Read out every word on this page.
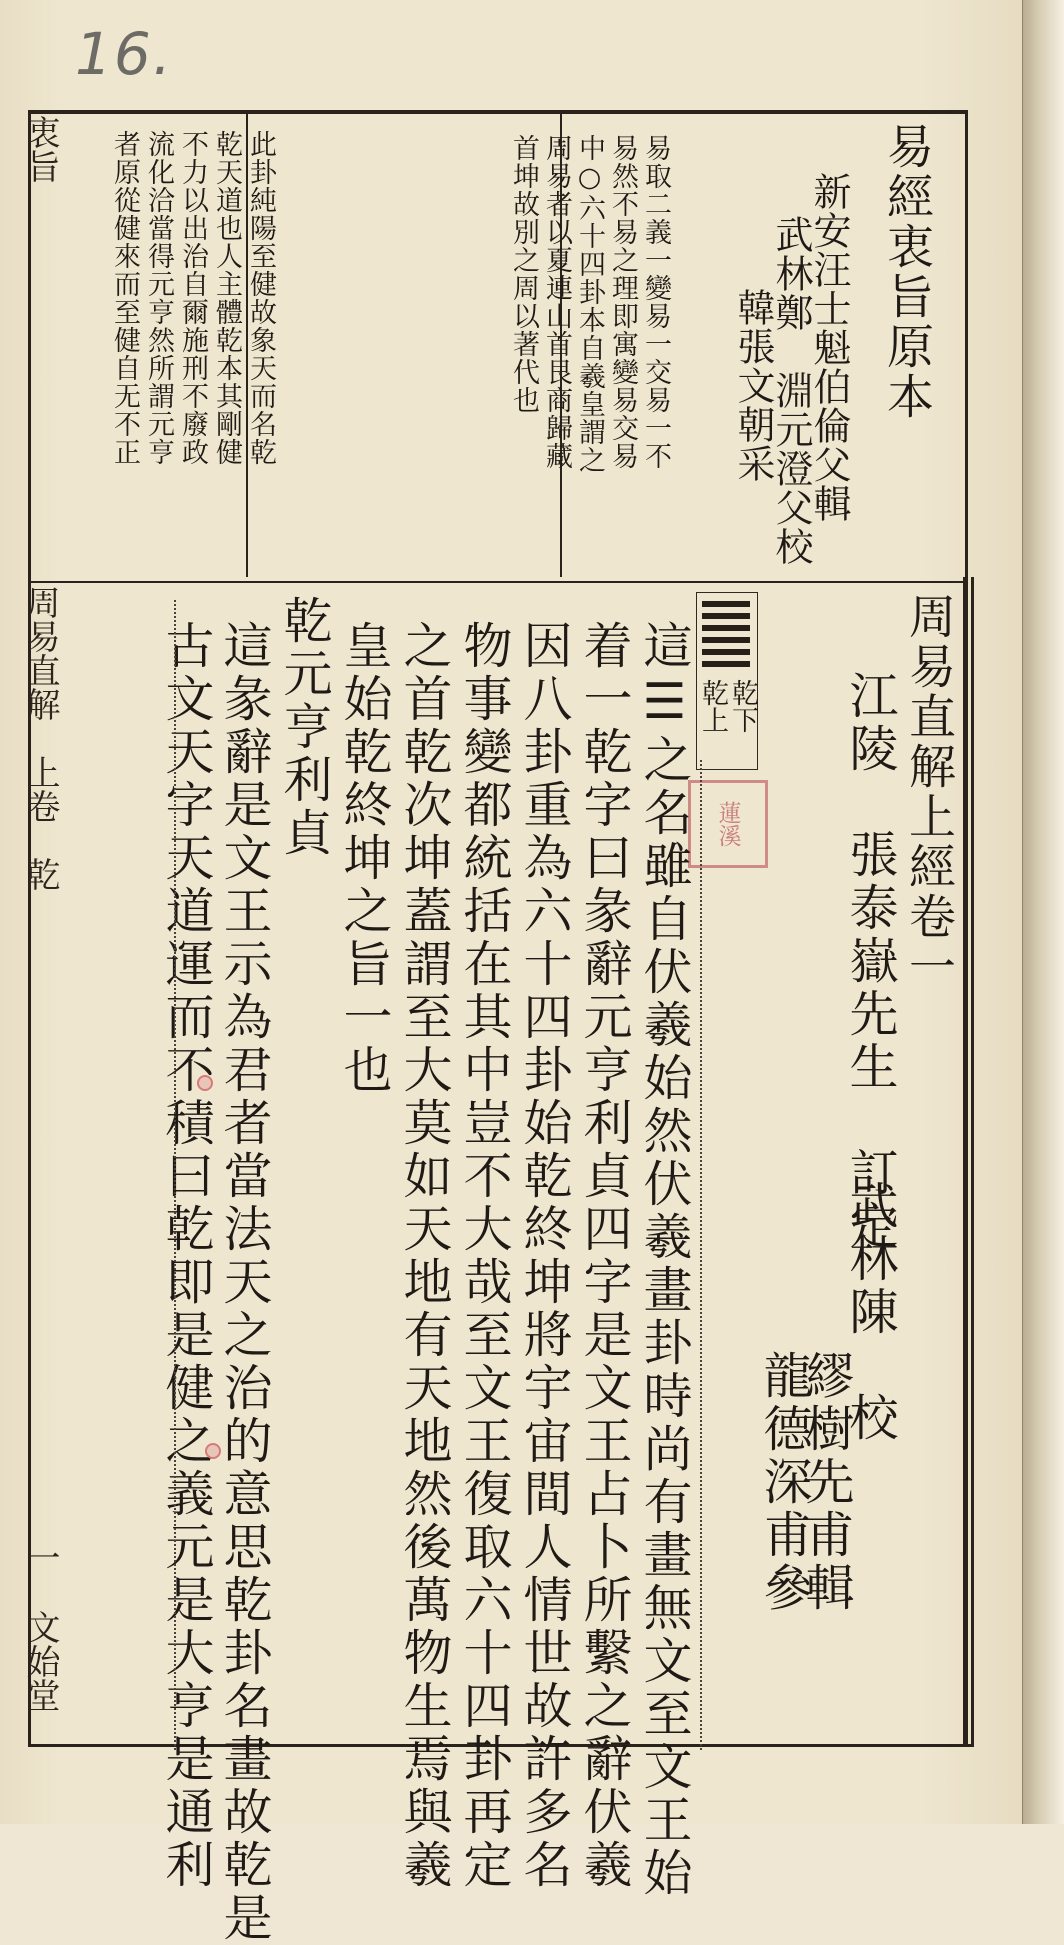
16.
易經衷旨原本
新安汪士魁伯倫父輯
武林鄭　淵元澄父校
韓張文朝采
易取二義一變易一交易一不
易然不易之理即寓變易交易
中○六十四卦本自羲皇謂之
周易者以夏連山首艮商歸藏
首坤故別之周以著代也
此卦純陽至健故象天而名乾
乾天道也人主體乾本其剛健
不力以出治自爾施刑不廢政
流化洽當得元亨然所謂元亨
者原從健來而至健自无不正
周易直解上經卷一
江陵　張泰嶽先生　訂定
武林陳　校
繆樹先甫輯
龍德深甫參
乾下
乾上
蓮溪
這☰之名雖自伏羲始然伏羲畫卦時尚有畫無文至文王始
着一乾字曰彖辭元亨利貞四字是文王占卜所繫之辭伏羲
因八卦重為六十四卦始乾終坤將宇宙間人情世故許多名
物事變都統括在其中豈不大哉至文王復取六十四卦再定
之首乾次坤蓋謂至大莫如天地有天地然後萬物生焉與羲
皇始乾終坤之旨一也
乾元亨利貞
這彖辭是文王示為君者當法天之治的意思乾卦名畫故乾是
古文天字天道運而不積曰乾即是健之義元是大亨是通利
衷旨
周易直解　上卷　乾
一
文始堂
